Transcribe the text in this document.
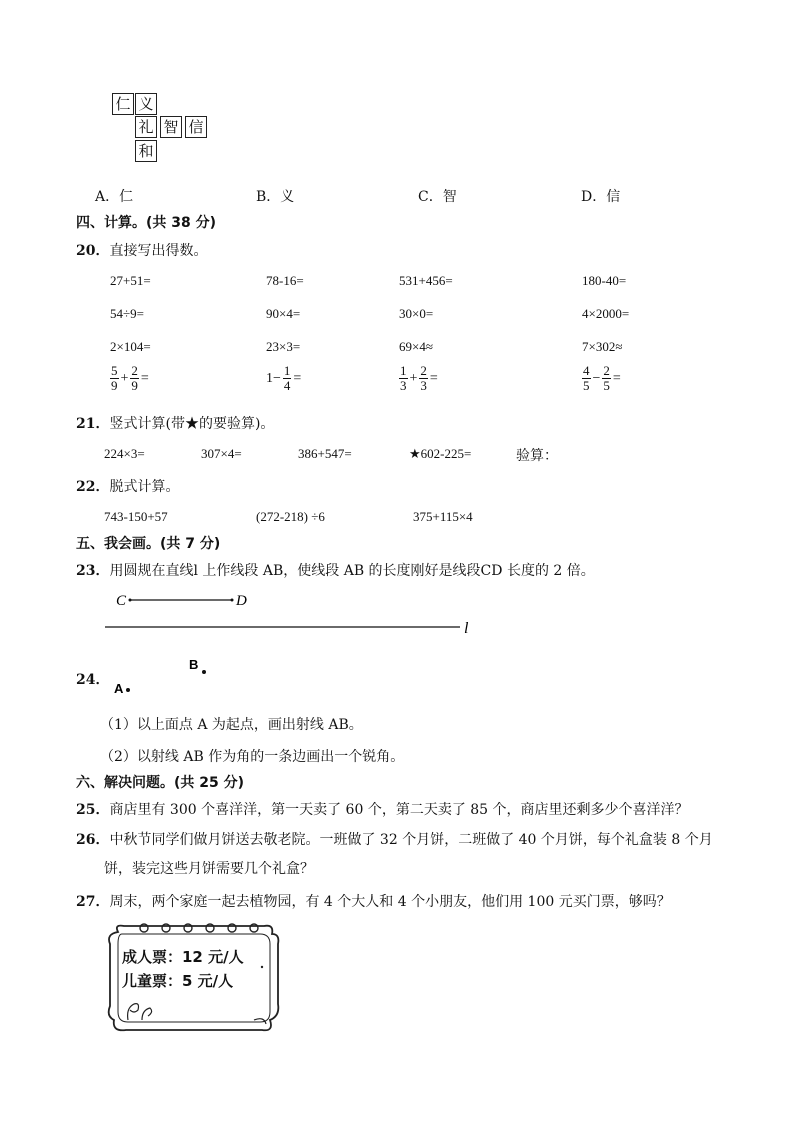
仁 义
礼 智 信
和
A．仁	B．义	C．智	D．信
四、计算。(共 38 分)
20．直接写出得数。
27+51=	78-16=	531+456=	180-40=
54÷9=	90×4=	30×0=	4×2000=
2×104=	23×3=	69×4≈	7×302≈
$\frac{5}{9} + \frac{2}{9}$ =	$1- \frac{1}{4}$ =	$\frac{1}{3} + \frac{2}{3}$ =	$\frac{4}{5} - \frac{2}{5}$ =
21．竖式计算(带★的要验算)。
224×3=	307×4=	386+547=	★602-225=	验算：
22．脱式计算。
743-150+57	(272-218) ÷6	375+115×4
五、我会画。(共 7 分)
23．用圆规在直线l 上作线段 AB，使线段 AB 的长度刚好是线段CD 长度的 2 倍。
C	D
l
24．
B
A
（1）以上面点 A 为起点，画出射线 AB。
（2）以射线 AB 作为角的一条边画出一个锐角。
六、解决问题。(共 25 分)
25．商店里有 300 个喜洋洋，第一天卖了 60 个，第二天卖了 85 个，商店里还剩多少个喜洋洋？
26．中秋节同学们做月饼送去敬老院。一班做了 32 个月饼，二班做了 40 个月饼，每个礼盒装 8 个月
饼，装完这些月饼需要几个礼盒？
27．周末，两个家庭一起去植物园，有 4 个大人和 4 个小朋友，他们用 100 元买门票，够吗？
成人票：12 元/人
儿童票：5 元/人
